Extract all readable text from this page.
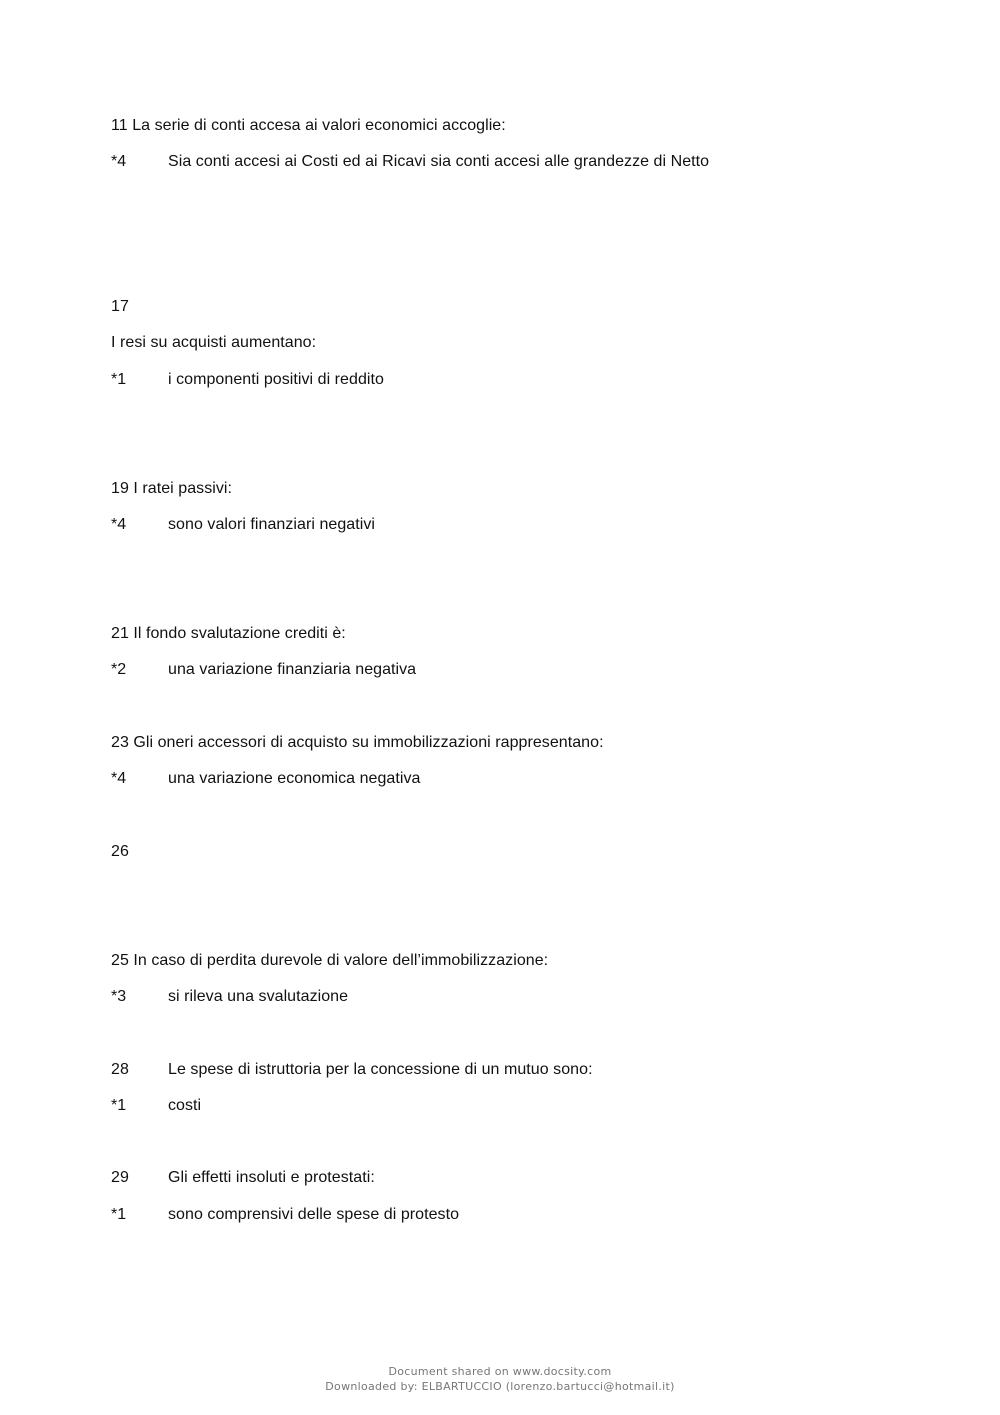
11 La serie di conti accesa ai valori economici accoglie:
*4	Sia conti accesi ai Costi ed ai Ricavi sia conti accesi alle grandezze di Netto
17
I resi su acquisti aumentano:
*1	i componenti positivi di reddito
19 I ratei passivi:
*4	sono valori finanziari negativi
21 Il fondo svalutazione crediti è:
*2	una variazione finanziaria negativa
23 Gli oneri accessori di acquisto su immobilizzazioni rappresentano:
*4	una variazione economica negativa
26
25 In caso di perdita durevole di valore dell’immobilizzazione:
*3	si rileva una svalutazione
28 Le spese di istruttoria per la concessione di un mutuo sono:
*1	costi
29 Gli effetti insoluti e protestati:
*1	sono comprensivi delle spese di protesto
Document shared on www.docsity.com
Downloaded by: ELBARTUCCIO (lorenzo.bartucci@hotmail.it)
